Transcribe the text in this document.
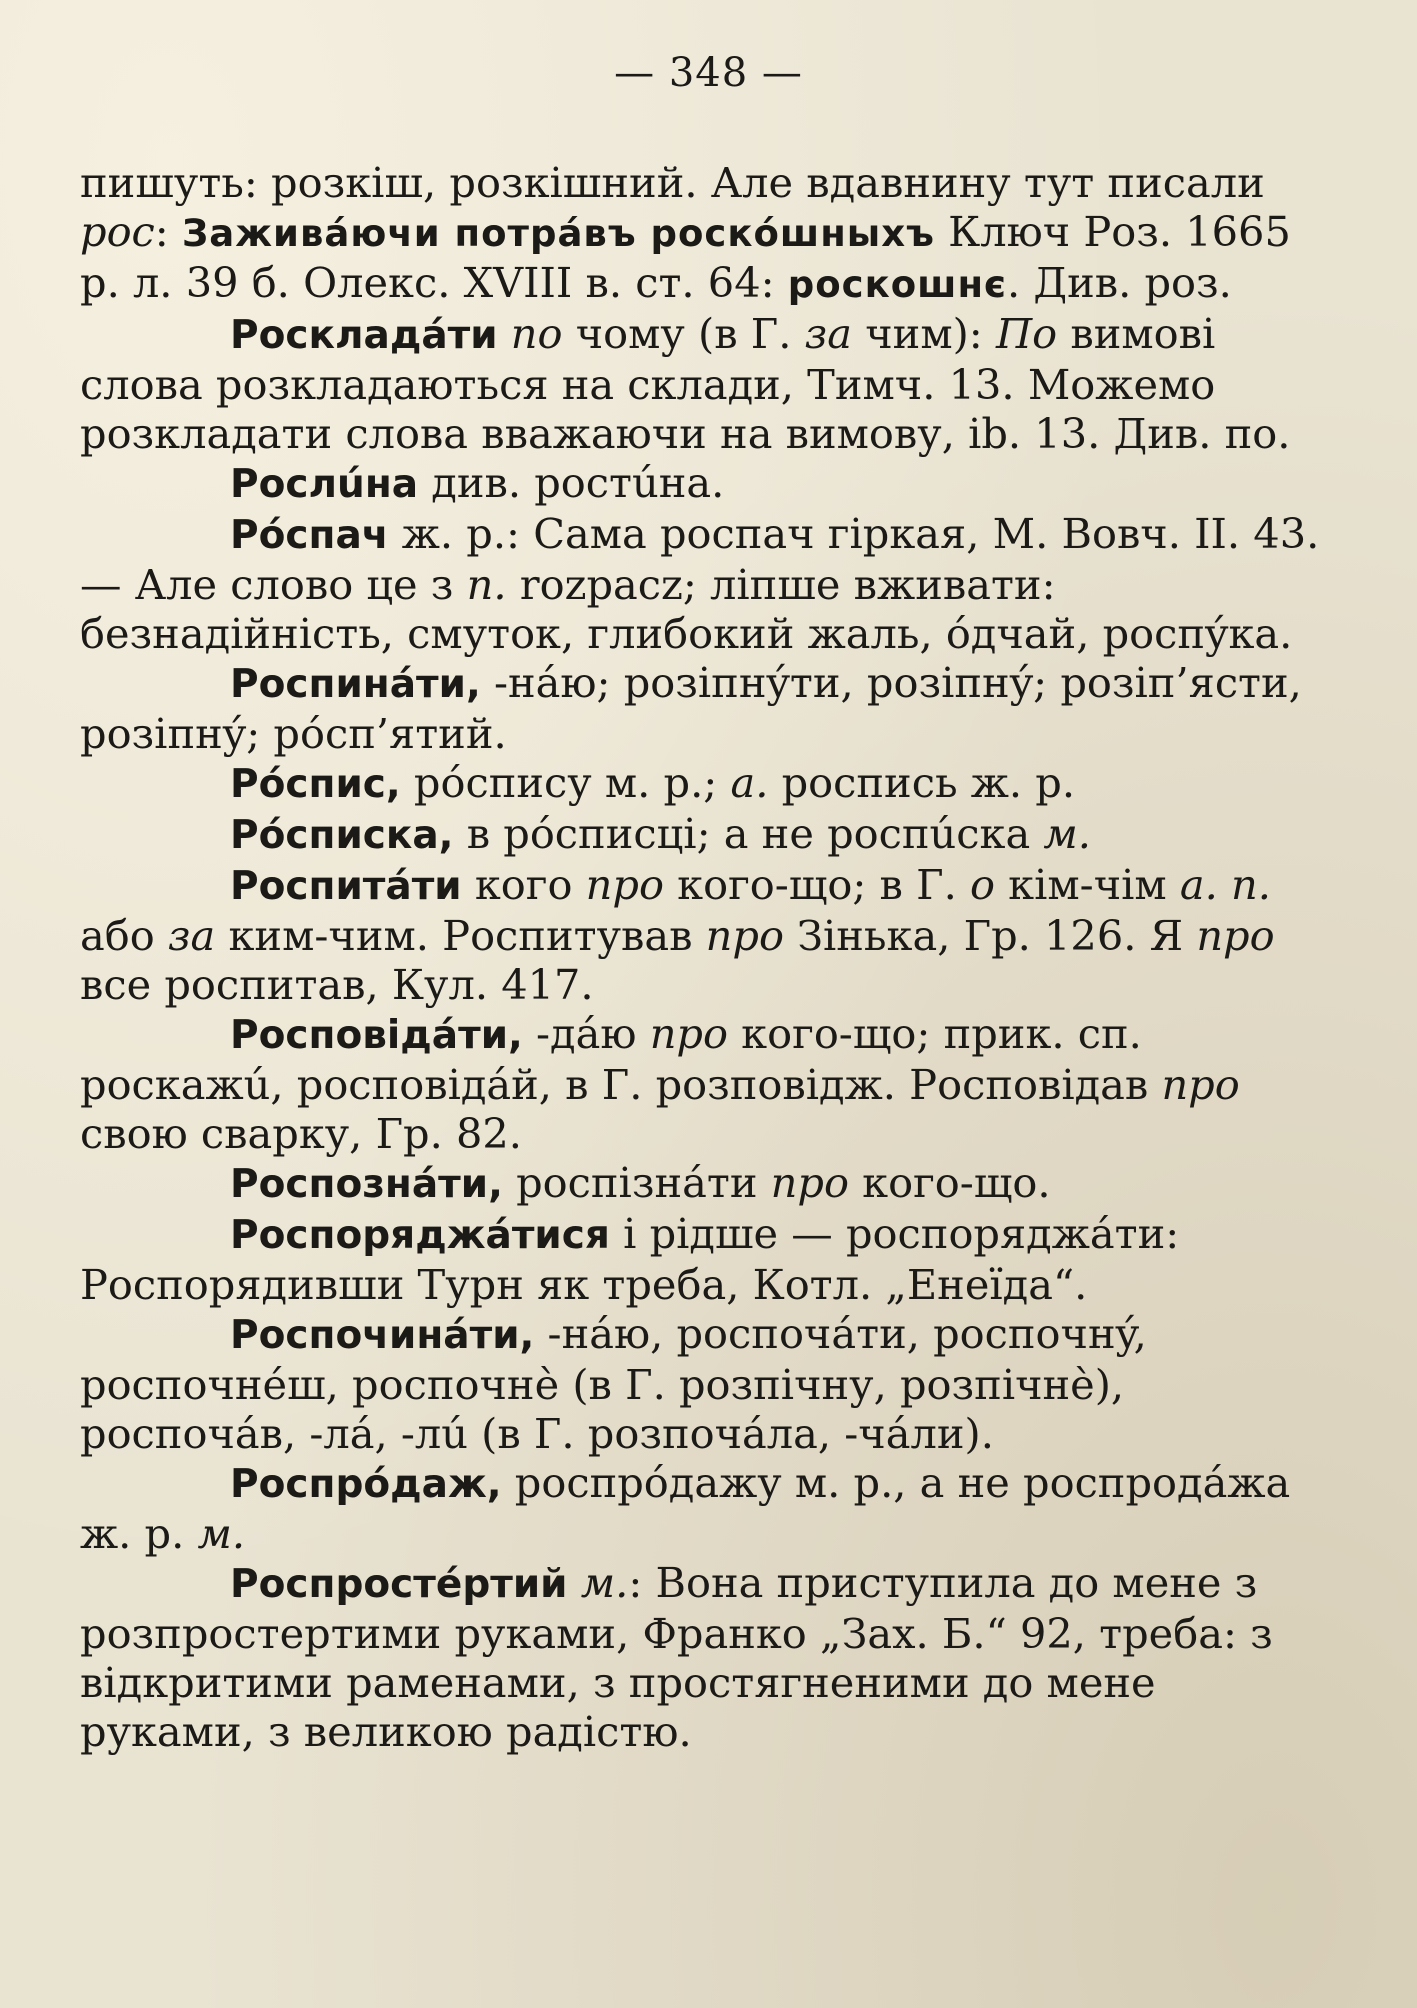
— 348 —

пишуть: розкіш, розкішний. Але вдавнину тут писали рос: Зажива́ючи потра́въ роско́шныхъ Ключ Роз. 1665 р. л. 39 б. Олекс. XVIII в. ст. 64: роскошнє. Див. роз.

Роскладáти по чому (в Г. за чим): По вимові слова розкладаються на склади, Тимч. 13. Можемо розкладати слова вважаючи на вимову, ib. 13. Див. по.

Рослúна див. ростúна.

Рóспач ж. р.: Сама роспач гіркая, М. Вовч. II. 43. — Але слово це з п. rozpacz; ліпше вживати: безнадійність, смуток, глибокий жаль, óдчай, роспýка.

Роспинáти, -нáю; розіпнýти, розіпнý; розіп’ясти, розіпнý; рóсп’ятий.

Рóспис, рóспису м. р.; а. роспись ж. р.

Рóсписка, в рóсписці; а не роспúска м.

Роспитáти кого про кого-що; в Г. о кім-чім а. п. або за ким-чим. Роспитував про Зінька, Гр. 126. Я про все роспитав, Кул. 417.

Росповідáти, -дáю про кого-що; прик. сп. роскажú, росповідáй, в Г. розповідж. Росповідав про свою сварку, Гр. 82.

Роспознáти, роспізнáти про кого-що.

Роспоряджáтися і рідше — роспоряджáти: Роспорядивши Турн як треба, Котл. „Енеїда“.

Роспочинáти, -нáю, роспочáти, роспочнý, роспочнéш, роспочнѐ (в Г. розпічну, розпічнѐ), роспочáв, -лá, -лú (в Г. розпочáла, -чáли).

Роспрóдаж, роспрóдажу м. р., а не роспродáжа ж. р. м.

Роспростéртий м.: Вона приступила до мене з розпростертими руками, Франко „Зах. Б.“ 92, треба: з відкритими раменами, з простягненими до мене руками, з великою радістю.
